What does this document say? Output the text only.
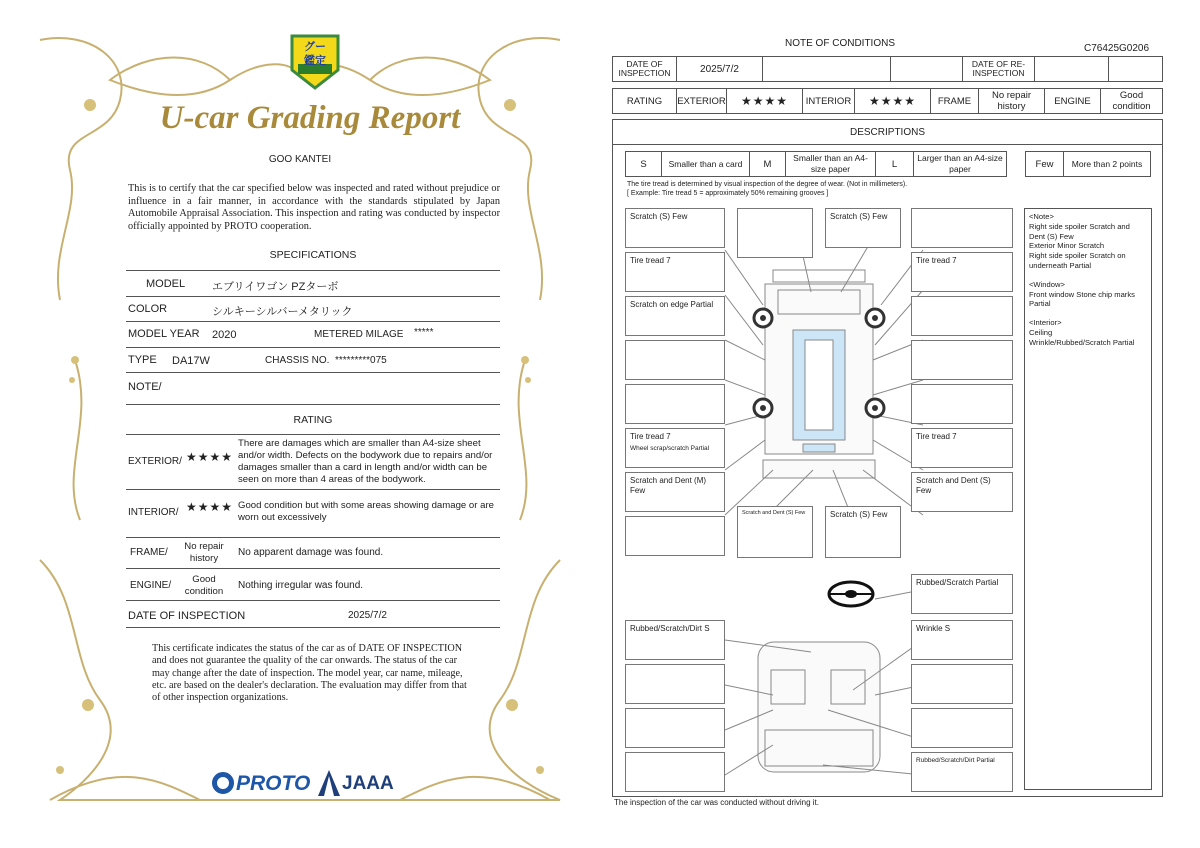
グー
鑑定
U-car Grading Report
GOO KANTEI
This is to certify that the car specified below was inspected and rated without prejudice or influence in a fair manner, in accordance with the standards stipulated by Japan Automobile Appraisal Association. This inspection and rating was conducted by inspector officially appointed by PROTO cooperation.
SPECIFICATIONS
MODEL エブリイワゴン PZターボ
COLOR	シルキーシルバーメタリック
MODEL YEAR 2020	METERED MILAGE *****
TYPE DA17W	CHASSIS NO. *********075
NOTE/
RATING
EXTERIOR/ ★★★★
There are damages which are smaller than A4-size sheet and/or width. Defects on the bodywork due to repairs and/or damages smaller than a card in length and/or width can be seen on more than 4 areas of the bodywork.
INTERIOR/ ★★★★ Good condition but with some areas showing damage or are worn out excessively
FRAME/
No repair history
No apparent damage was found.
ENGINE/
Good condition
Nothing irregular was found.
DATE OF INSPECTION	2025/7/2
This certificate indicates the status of the car as of DATE OF INSPECTION and does not guarantee the quality of the car onwards. The status of the car may change after the date of inspection. The model year, car name, mileage, etc. are based on the dealer's declaration. The evaluation may differ from that of other inspection organizations.
PROTO JAAA
NOTE OF CONDITIONS	C76425G0206
DATE OF INSPECTION	2025/7/2	DATE OF RE-INSPECTION
RATING	EXTERIOR	★★★★	INTERIOR	★★★★	FRAME	No repair history	ENGINE	Good condition
DESCRIPTIONS
S	Smaller than a card	M
Smaller than an A4-size paper	L
Larger than an A4-size paper	Few	More than 2 points
The tire tread is determined by visual inspection of the degree of wear. (Not in millimeters).
[ Example: Tire tread 5 = approximately 50% remaining grooves ]
<Note>
Right side spoiler Scratch and Dent (S) Few
Exterior Minor Scratch
Right side spoiler Scratch on underneath Partial
<Window>
Front window Stone chip marks Partial
<Interior>
Ceiling
Wrinkle/Rubbed/Scratch Partial
Scratch (S) Few	Scratch (S) Few
Tire tread 7	Tire tread 7
Scratch on edge Partial
Tire tread 7
Wheel scrap/scratch Partial
Tire tread 7
Scratch and Dent (M) Few
Scratch and Dent (S) Few
Scratch and Dent (S) Few	Scratch (S) Few
Rubbed/Scratch Partial
Rubbed/Scratch/Dirt S	Wrinkle S
Rubbed/Scratch/Dirt Partial
The inspection of the car was conducted without driving it.
